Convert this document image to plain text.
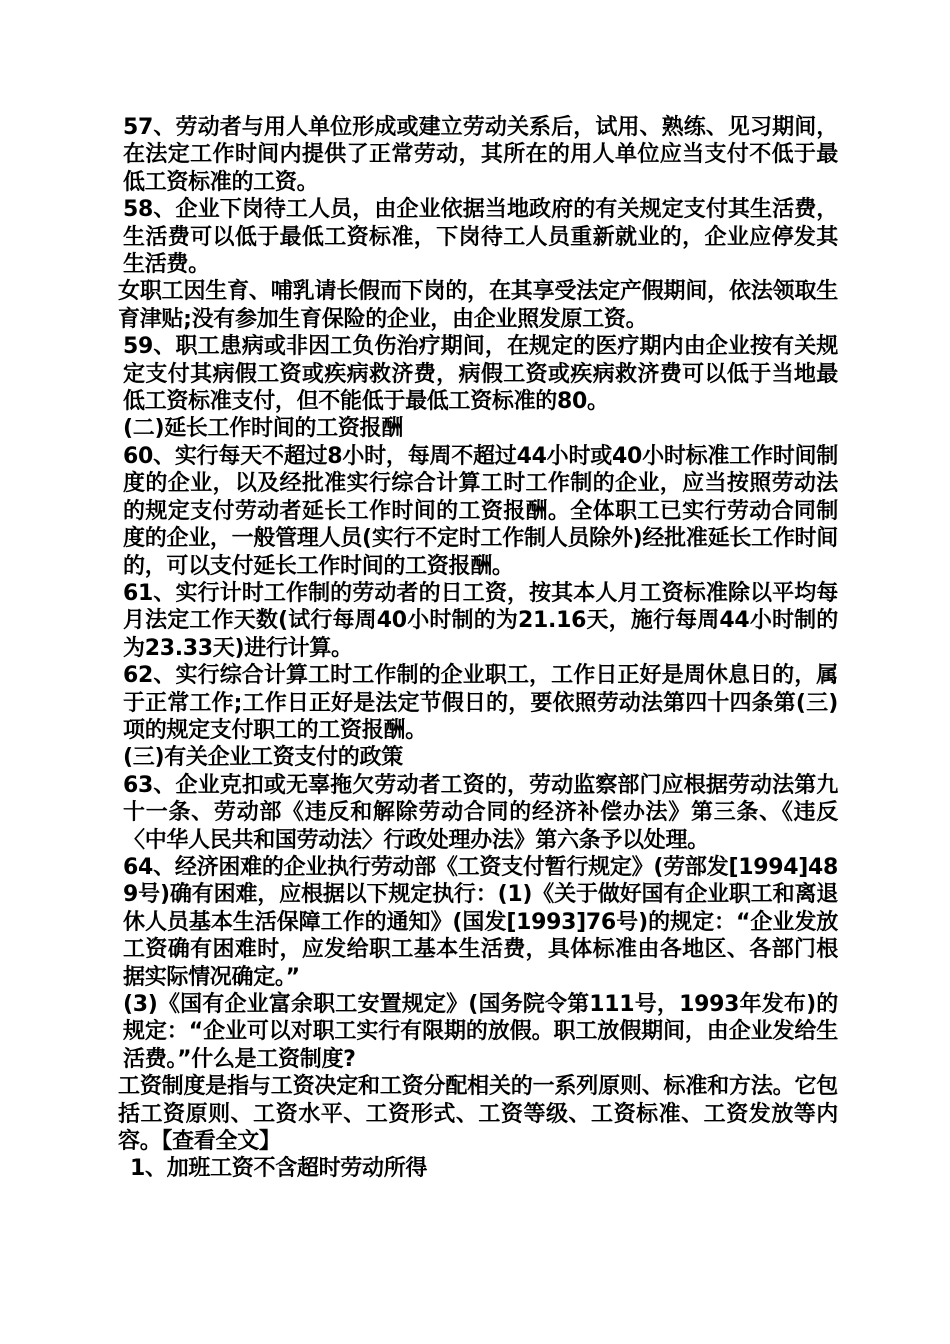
57、劳动者与用人单位形成或建立劳动关系后，试用、熟练、见习期间，在法定工作时间内提供了正常劳动，其所在的用人单位应当支付不低于最低工资标准的工资。

58、企业下岗待工人员，由企业依据当地政府的有关规定支付其生活费，生活费可以低于最低工资标准，下岗待工人员重新就业的，企业应停发其生活费。

女职工因生育、哺乳请长假而下岗的，在其享受法定产假期间，依法领取生育津贴;没有参加生育保险的企业，由企业照发原工资。

59、职工患病或非因工负伤治疗期间，在规定的医疗期内由企业按有关规定支付其病假工资或疾病救济费，病假工资或疾病救济费可以低于当地最低工资标准支付，但不能低于最低工资标准的80。

(二)延长工作时间的工资报酬

60、实行每天不超过8小时，每周不超过44小时或40小时标准工作时间制度的企业，以及经批准实行综合计算工时工作制的企业，应当按照劳动法的规定支付劳动者延长工作时间的工资报酬。全体职工已实行劳动合同制度的企业，一般管理人员(实行不定时工作制人员除外)经批准延长工作时间的，可以支付延长工作时间的工资报酬。

61、实行计时工作制的劳动者的日工资，按其本人月工资标准除以平均每月法定工作天数(试行每周40小时制的为21.16天，施行每周44小时制的为23.33天)进行计算。

62、实行综合计算工时工作制的企业职工，工作日正好是周休息日的，属于正常工作;工作日正好是法定节假日的，要依照劳动法第四十四条第(三)项的规定支付职工的工资报酬。

(三)有关企业工资支付的政策

63、企业克扣或无辜拖欠劳动者工资的，劳动监察部门应根据劳动法第九十一条、劳动部《违反和解除劳动合同的经济补偿办法》第三条、《违反〈中华人民共和国劳动法〉行政处理办法》第六条予以处理。

64、经济困难的企业执行劳动部《工资支付暂行规定》(劳部发[1994]489号)确有困难，应根据以下规定执行：(1)《关于做好国有企业职工和离退休人员基本生活保障工作的通知》(国发[1993]76号)的规定：“企业发放工资确有困难时，应发给职工基本生活费，具体标准由各地区、各部门根据实际情况确定。”

(3)《国有企业富余职工安置规定》(国务院令第111号，1993年发布)的规定：“企业可以对职工实行有限期的放假。职工放假期间，由企业发给生活费。”什么是工资制度?

工资制度是指与工资决定和工资分配相关的一系列原则、标准和方法。它包括工资原则、工资水平、工资形式、工资等级、工资标准、工资发放等内容。【查看全文】

1、加班工资不含超时劳动所得
